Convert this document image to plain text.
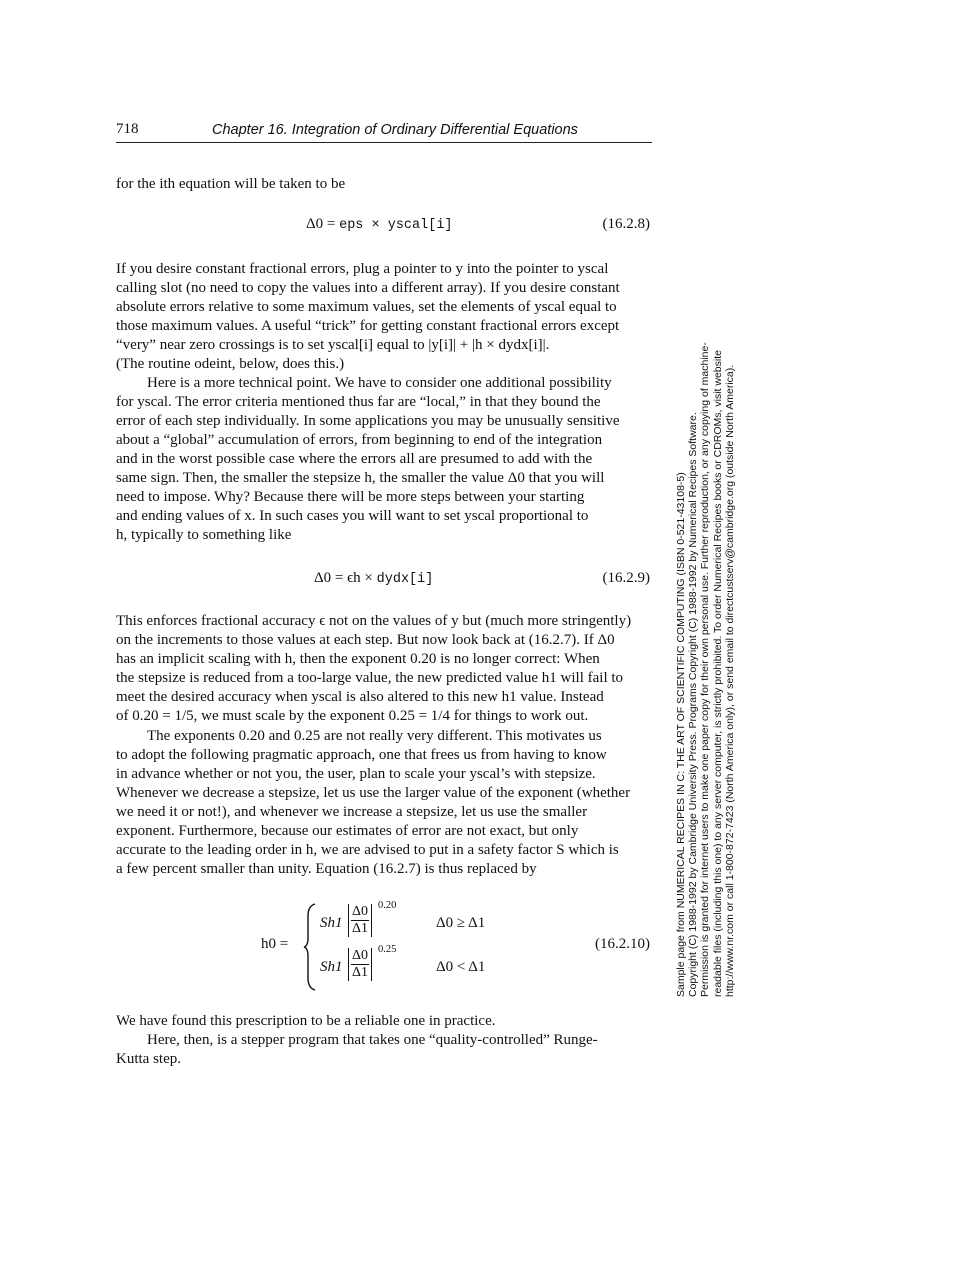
718	Chapter 16. Integration of Ordinary Differential Equations

for the ith equation will be taken to be

Δ0 = eps × yscal[i]	(16.2.8)

If you desire constant fractional errors, plug a pointer to y into the pointer to yscal

calling slot (no need to copy the values into a different array). If you desire constant

absolute errors relative to some maximum values, set the elements of yscal equal to

those maximum values. A useful “trick” for getting constant fractional errors except

“very” near zero crossings is to set yscal[i] equal to |y[i]| + |h × dydx[i]|.

(The routine odeint, below, does this.)

Here is a more technical point. We have to consider one additional possibility

for yscal. The error criteria mentioned thus far are “local,” in that they bound the

error of each step individually. In some applications you may be unusually sensitive

about a “global” accumulation of errors, from beginning to end of the integration

and in the worst possible case where the errors all are presumed to add with the

same sign. Then, the smaller the stepsize h, the smaller the value Δ0 that you will

need to impose. Why? Because there will be more steps between your starting

and ending values of x. In such cases you will want to set yscal proportional to

h, typically to something like

Δ0 = ϵh × dydx[i]	(16.2.9)

This enforces fractional accuracy ϵ not on the values of y but (much more stringently)

on the increments to those values at each step. But now look back at (16.2.7). If Δ0

has an implicit scaling with h, then the exponent 0.20 is no longer correct: When

the stepsize is reduced from a too-large value, the new predicted value h1 will fail to

meet the desired accuracy when yscal is also altered to this new h1 value. Instead

of 0.20 = 1/5, we must scale by the exponent 0.25 = 1/4 for things to work out.

The exponents 0.20 and 0.25 are not really very different. This motivates us

to adopt the following pragmatic approach, one that frees us from having to know

in advance whether or not you, the user, plan to scale your yscal’s with stepsize.

Whenever we decrease a stepsize, let us use the larger value of the exponent (whether

we need it or not!), and whenever we increase a stepsize, let us use the smaller

exponent. Furthermore, because our estimates of error are not exact, but only

accurate to the leading order in h, we are advised to put in a safety factor S which is

a few percent smaller than unity. Equation (16.2.7) is thus replaced by

h0 =
$Sh1 \frac{\Delta 0}{\Delta 1} 0.20$
Δ0 ≥ Δ1
$Sh1 \frac{\Delta 0}{\Delta 1} 0.25$
Δ0 < Δ1
(16.2.10)

We have found this prescription to be a reliable one in practice.

Here, then, is a stepper program that takes one “quality-controlled” Runge-

Kutta step.

Sample page from NUMERICAL RECIPES IN C: THE ART OF SCIENTIFIC COMPUTING (ISBN 0-521-43108-5) Copyright (C) 1988-1992 by Cambridge University Press. Programs Copyright (C) 1988-1992 by Numerical Recipes Software. Permission is granted for internet users to make one paper copy for their own personal use. Further reproduction, or any copying of machine- readable files (including this one) to any server computer, is strictly prohibited. To order Numerical Recipes books or CDROMs, visit website http://www.nr.com or call 1-800-872-7423 (North America only), or send email to directcustserv@cambridge.org (outside North America).
